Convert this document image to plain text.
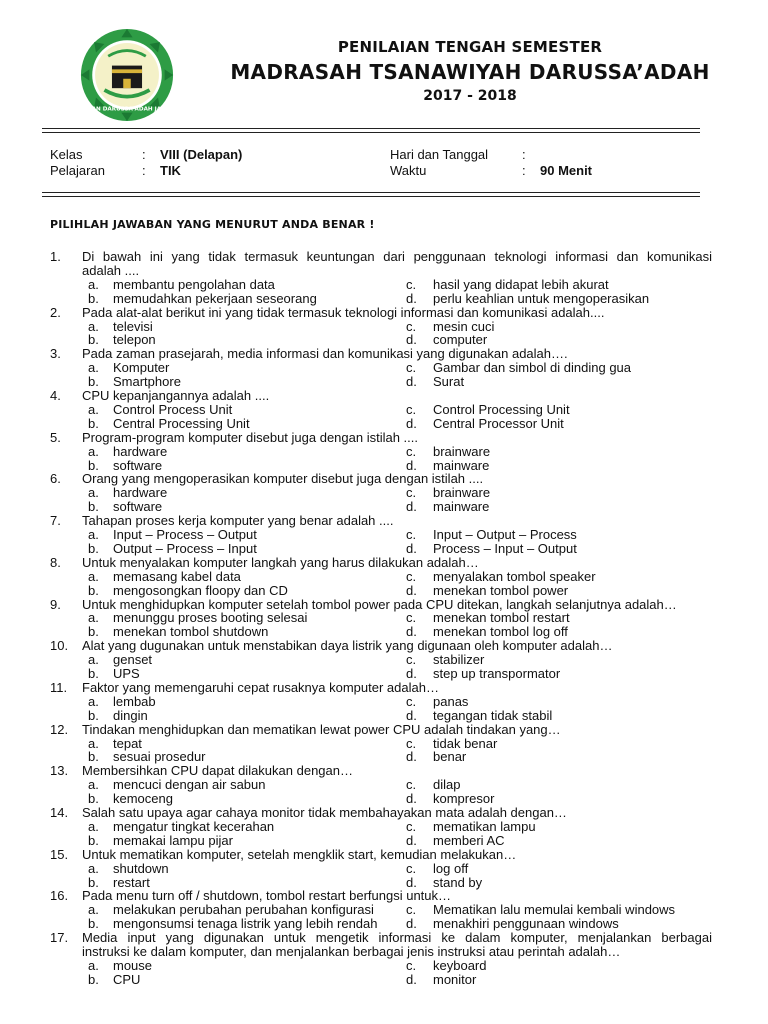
YAYASAN DARUSSA'ADAH JAKARTA
PENILAIAN TENGAH SEMESTER
MADRASAH TSANAWIYAH DARUSSA’ADAH
2017 - 2018
Kelas	: VIII (Delapan)
Pelajaran	: TIK
Hari dan Tanggal	:
Waktu	: 90 Menit
PILIHLAH JAWABAN YANG MENURUT ANDA BENAR !
1.	Di bawah ini yang tidak termasuk keuntungan dari penggunaan teknologi informasi dan komunikasi
adalah ....
a. membantu pengolahan data
b. memudahkan pekerjaan seseorang
c. hasil yang didapat lebih akurat
d. perlu keahlian untuk mengoperasikan
2.	Pada alat-alat berikut ini yang tidak termasuk teknologi informasi dan komunikasi adalah....
a. televisi
b. telepon
c. mesin cuci
d. computer
3.	Pada zaman prasejarah, media informasi dan komunikasi yang digunakan adalah….
a. Komputer
b. Smartphore
c. Gambar dan simbol di dinding gua
d. Surat
4.	CPU kepanjangannya adalah ....
a. Control Process Unit
b. Central Processing Unit
c. Control Processing Unit
d. Central Processor Unit
5.	Program-program komputer disebut juga dengan istilah ....
a. hardware
b. software
c. brainware
d. mainware
6.	Orang yang mengoperasikan komputer disebut juga dengan istilah ....
a. hardware
b. software
c. brainware
d. mainware
7.	Tahapan proses kerja komputer yang benar adalah ....
a. Input – Process – Output
b. Output – Process – Input
c. Input – Output – Process
d. Process – Input – Output
8.	Untuk menyalakan komputer langkah yang harus dilakukan adalah…
a. memasang kabel data
b. mengosongkan floopy dan CD
c. menyalakan tombol speaker
d. menekan tombol power
9.	Untuk menghidupkan komputer setelah tombol power pada CPU ditekan, langkah selanjutnya adalah…
a. menunggu proses booting selesai
b. menekan tombol shutdown
c. menekan tombol restart
d. menekan tombol log off
10.	Alat yang dugunakan untuk menstabikan daya listrik yang digunaan oleh komputer adalah…
a. genset
b. UPS
c. stabilizer
d. step up transpormator
11.	Faktor yang memengaruhi cepat rusaknya komputer adalah…
a. lembab
b. dingin
c. panas
d. tegangan tidak stabil
12.	Tindakan menghidupkan dan mematikan lewat power CPU adalah tindakan yang…
a. tepat
b. sesuai prosedur
c. tidak benar
d. benar
13.	Membersihkan CPU dapat dilakukan dengan…
a. mencuci dengan air sabun
b. kemoceng
c. dilap
d. kompresor
14.	Salah satu upaya agar cahaya monitor tidak membahayakan mata adalah dengan…
a. mengatur tingkat kecerahan
b. memakai lampu pijar
c. mematikan lampu
d. memberi AC
15.	Untuk mematikan komputer, setelah mengklik start, kemudian melakukan…
a. shutdown
b. restart
c. log off
d. stand by
16.	Pada menu turn off / shutdown, tombol restart berfungsi untuk…
a. melakukan perubahan perubahan konfigurasi
b. mengonsumsi tenaga listrik yang lebih rendah
c. Mematikan lalu memulai kembali windows
d. menakhiri penggunaan windows
17.	Media input yang digunakan untuk mengetik informasi ke dalam komputer, menjalankan berbagai
instruksi ke dalam komputer, dan menjalankan berbagai jenis instruksi atau perintah adalah…
a. mouse
b. CPU
c. keyboard
d. monitor
